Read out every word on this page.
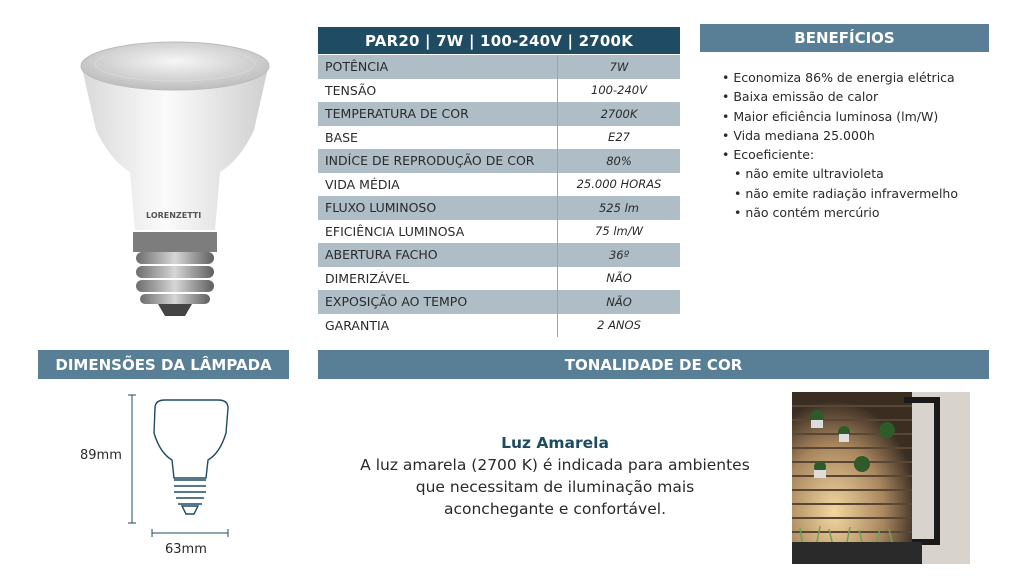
LORENZETTI
PAR20 | 7W | 100-240V | 2700K
POTÊNCIA	7W
TENSÃO	100-240V
TEMPERATURA DE COR	2700K
BASE	E27
INDÍCE DE REPRODUÇÃO DE COR	80%
VIDA MÉDIA	25.000 HORAS
FLUXO LUMINOSO	525 lm
EFICIÊNCIA LUMINOSA	75 lm/W
ABERTURA FACHO	36º
DIMERIZÁVEL	NÃO
EXPOSIÇÃO AO TEMPO	NÃO
GARANTIA	2 ANOS
BENEFÍCIOS
• Economiza 86% de energia elétrica
• Baixa emissão de calor
• Maior eficiência luminosa (lm/W)
• Vida mediana 25.000h
• Ecoeficiente:
• não emite ultravioleta
• não emite radiação infravermelho
• não contém mercúrio
DIMENSÕES DA LÂMPADA
89mm
63mm
TONALIDADE DE COR
Luz Amarela
A luz amarela (2700 K) é indicada para ambientes
que necessitam de iluminação mais
aconchegante e confortável.
